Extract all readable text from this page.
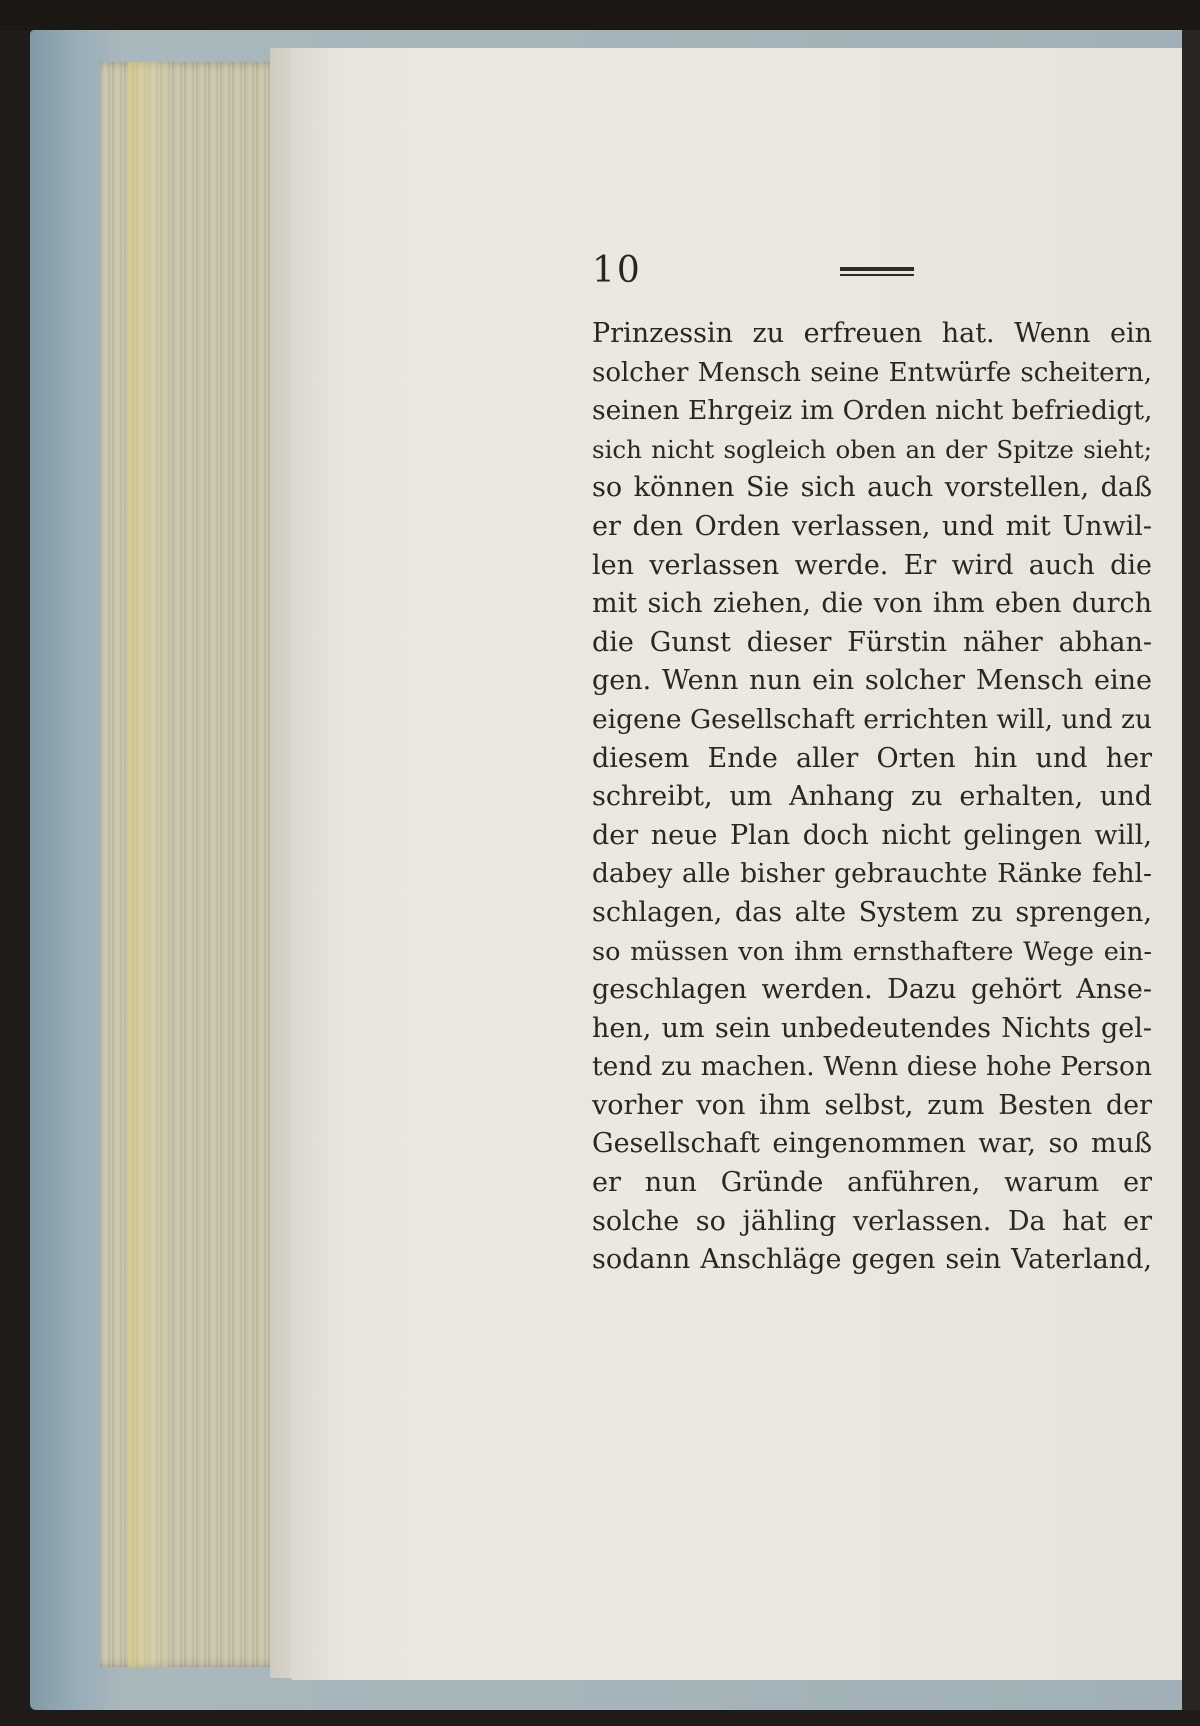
10
Prinzessin zu erfreuen hat. Wenn ein
solcher Mensch seine Entwürfe scheitern,
seinen Ehrgeiz im Orden nicht befriedigt,
sich nicht sogleich oben an der Spitze sieht;
so können Sie sich auch vorstellen, daß
er den Orden verlassen, und mit Unwil-
len verlassen werde. Er wird auch die
mit sich ziehen, die von ihm eben durch
die Gunst dieser Fürstin näher abhan-
gen. Wenn nun ein solcher Mensch eine
eigene Gesellschaft errichten will, und zu
diesem Ende aller Orten hin und her
schreibt, um Anhang zu erhalten, und
der neue Plan doch nicht gelingen will,
dabey alle bisher gebrauchte Ränke fehl-
schlagen, das alte System zu sprengen,
so müssen von ihm ernsthaftere Wege ein-
geschlagen werden. Dazu gehört Anse-
hen, um sein unbedeutendes Nichts gel-
tend zu machen. Wenn diese hohe Person
vorher von ihm selbst, zum Besten der
Gesellschaft eingenommen war, so muß
er nun Gründe anführen, warum er
solche so jähling verlassen. Da hat er
sodann Anschläge gegen sein Vaterland,
